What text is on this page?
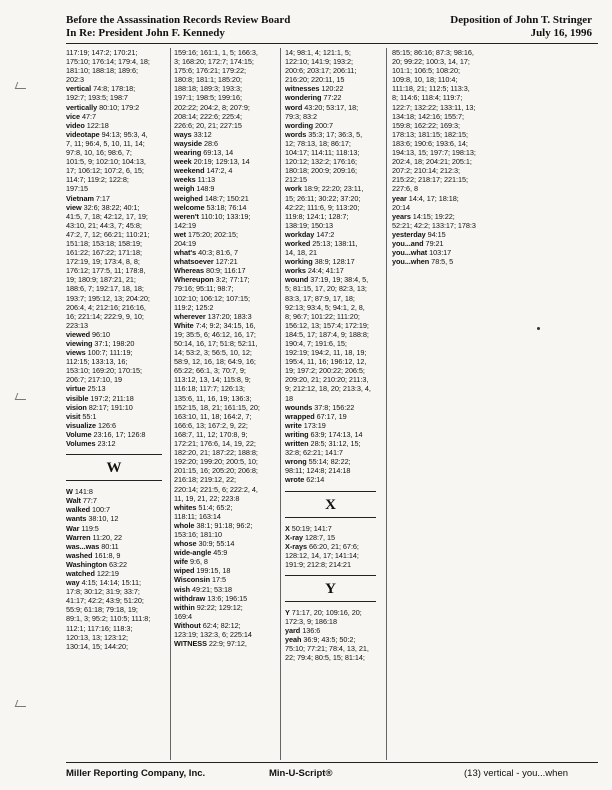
Before the Assassination Records Review Board
In Re: President John F. Kennedy
Deposition of John T. Stringer
July 16, 1996
117:19; 147:2; 170:21;
175:10; 176:14; 179:4, 18;
181:10; 188:18; 189:6;
202:3
vertical 74:8; 178:18;
192:7; 193:5; 198:7
vertically 80:10; 179:2
vice 47:7
video 122:18
videotape 94:13; 95:3, 4,
7, 11; 96:4, 5, 10, 11, 14;
97:8, 10, 16; 98:6, 7;
101:5, 9; 102:10; 104:13,
17; 106:12; 107:2, 6, 15;
114:7; 119:2; 122:8;
197:15
Vietnam 7:17
view 32:6; 38:22; 40:1;
41:5, 7, 18; 42:12, 17, 19;
43:10, 21; 44:3, 7; 45:8;
47:2, 7, 12; 66:21; 110:21;
151:18; 153:18; 158:19;
161:22; 167:22; 171:18;
172:19, 19; 173:4, 8, 8;
176:12; 177:5, 11; 178:8,
19; 180:9; 187:21, 21;
188:6, 7; 192:17, 18, 18;
193:7; 195:12, 13; 204:20;
206:4, 4; 212:16; 216:16,
16; 221:14; 222:9, 9, 10;
223:13
viewed 96:10
viewing 37:1; 198:20
views 100:7; 111:19;
112:15; 133:13, 16;
153:10; 169:20; 170:15;
206:7; 217:10, 19
virtue 25:13
visible 197:2; 211:18
vision 82:17; 191:10
visit 55:1
visualize 126:6
Volume 23:16, 17; 126:8
Volumes 23:12
W
W 141:8
Walt 77:7
walked 100:7
wants 38:10, 12
War 119:5
Warren 11:20, 22
was...was 80:11
washed 161:8, 9
Washington 63:22
watched 122:19
way 4:15; 14:14; 15:11;
17:8; 30:12; 31:9; 33:7;
41:17; 42:2; 43:9; 51:20;
55:9; 61:18; 79:18, 19;
89:1, 3; 95:2; 110:5; 111:8;
112:1; 117:16; 118:3;
120:13, 13; 123:12;
130:14, 15; 144:20;
159:16; 161:1, 1, 5; 166:3,
3; 168:20; 172:7; 174:15;
175:6; 176:21; 179:22;
180:8; 181:1; 185:20;
188:18; 189:3; 193:3;
197:1; 198:5; 199:16;
202:22; 204:2, 8; 207:9;
208:14; 222:6; 225:4;
226:6; 20, 21; 227:15
ways 33:12
wayside 28:6
wearing 69:13, 14
week 20:19; 129:13, 14
weekend 147:2, 4
weeks 11:13
weigh 148:9
weighed 148:7; 150:21
welcome 53:18; 76:14
weren't 110:10; 133:19;
142:19
wet 175:20; 202:15;
204:19
what's 40:3; 81:6, 7
whatsoever 127:21
Whereas 80:9; 116:17
Whereupon 3:2; 77:17;
79:16; 95:11; 98:7;
102:10; 106:12; 107:15;
119:2; 125:2
wherever 137:20; 183:3
White 7:4; 9:2; 34:15, 16,
19; 35:5, 6; 46:12, 16, 17;
50:14, 16, 17; 51:8; 52:11,
14; 53:2, 3; 56:5, 10, 12;
58:9, 12, 16, 18; 64:9, 16;
65:22; 66:1, 3; 70:7, 9;
113:12, 13, 14; 115:8, 9;
116:18; 117:7; 126:13;
135:6, 11, 16, 19; 136:3;
152:15, 18, 21; 161:15, 20;
163:10, 11, 18; 164:2, 7;
166:6, 13; 167:2, 9, 22;
168:7, 11, 12; 170:8, 9;
172:21; 176:6, 14, 19, 22;
182:20, 21; 187:22; 188:8;
192:20; 199:20; 200:5, 10;
201:15, 16; 205:20; 206:8;
216:18; 219:12, 22;
220:14; 221:5, 6; 222:2, 4,
11, 19, 21, 22; 223:8
whites 51:4; 65:2;
118:11; 163:14
whole 38:1; 91:18; 96:2;
153:16; 181:10
whose 30:9; 55:14
wide-angle 45:9
wife 9:6, 8
wiped 199:15, 18
Wisconsin 17:5
wish 49:21; 53:18
withdraw 13:6; 196:15
within 92:22; 129:12;
169:4
Without 62:4; 82:12;
123:19; 132:3, 6; 225:14
WITNESS 22:9; 97:12,
14; 98:1, 4; 121:1, 5;
122:10; 141:9; 193:2;
200:6; 203:17; 206:11;
216:20; 220:11, 15
witnesses 120:22
wondering 77:22
word 43:20; 53:17, 18;
79:3; 83:2
wording 200:7
words 35:3; 17; 36:3, 5,
12; 78:13, 18; 86:17;
104:17; 114:11; 118:13;
120:12; 132:2; 176:16;
180:18; 200:9; 209:16;
212:15
work 18:9; 22:20; 23:11,
15; 26:11; 30:22; 37:20;
42:22; 111:6, 9; 113:20;
119:8; 124:1; 128:7;
138:19; 150:13
workday 147:2
worked 25:13; 138:11,
14, 18, 21
working 38:9; 128:17
works 24:4; 41:17
wound 37:19, 19; 38:4, 5,
5; 81:15, 17, 20; 82:3, 13;
83:3, 17; 87:9, 17, 18;
92:13; 93:4, 5; 94:1, 2, 8,
8; 96:7; 101:22; 111:20;
156:12, 13; 157:4; 172:19;
184:5, 17; 187:4, 9; 188:8;
190:4, 7; 191:6, 15;
192:19; 194:2, 11, 18, 19;
195:4, 11, 16; 196:12, 12,
19; 197:2; 200:22; 206:5;
209:20, 21; 210:20; 211:3,
9; 212:12, 18, 20; 213:3, 4,
18
wounds 37:8; 156:22
wrapped 67:17, 19
write 173:19
writing 63:9; 174:13, 14
written 28:5; 31:12, 15;
32:8; 62:21; 141:7
wrong 55:14; 82:22;
98:11; 124:8; 214:18
wrote 62:14
X
X 50:19; 141:7
X-ray 128:7, 15
X-rays 66:20, 21; 67:6;
128:12, 14, 17; 141:14;
191:9; 212:8; 214:21
Y
Y 71:17, 20; 109:16, 20;
172:3, 9; 186:18
yard 136:6
yeah 36:9; 43:5; 50:2;
75:10; 77:21; 78:4, 13, 21,
22; 79:4; 80:5, 15; 81:14;
85:15; 86:16; 87:3; 98:16,
20; 99:22; 100:3, 14, 17;
101:1; 106:5; 108:20;
109:8, 10, 18; 110:4;
111:18, 21; 112:5; 113:3,
8; 114:6; 118:4; 119:7;
122:7; 132:22; 133:11, 13;
134:18; 142:16; 155:7;
159:8; 162:22; 169:3;
178:13; 181:15; 182:15;
183:6; 190:6; 193:6, 14;
194:13, 15; 197:7; 198:13;
202:4, 18; 204:21; 205:1;
207:2; 210:14; 212:3;
215:22; 218:17; 221:15;
227:6, 8
year 14:4, 17; 18:18;
20:14
years 14:15; 19:22;
52:21; 42:2; 133:17; 178:3
yesterday 94:15
you...and 79:21
you...what 103:17
you...when 78:5, 5
Miller Reporting Company, Inc.	Min-U-Script®	(13) vertical - you...when
